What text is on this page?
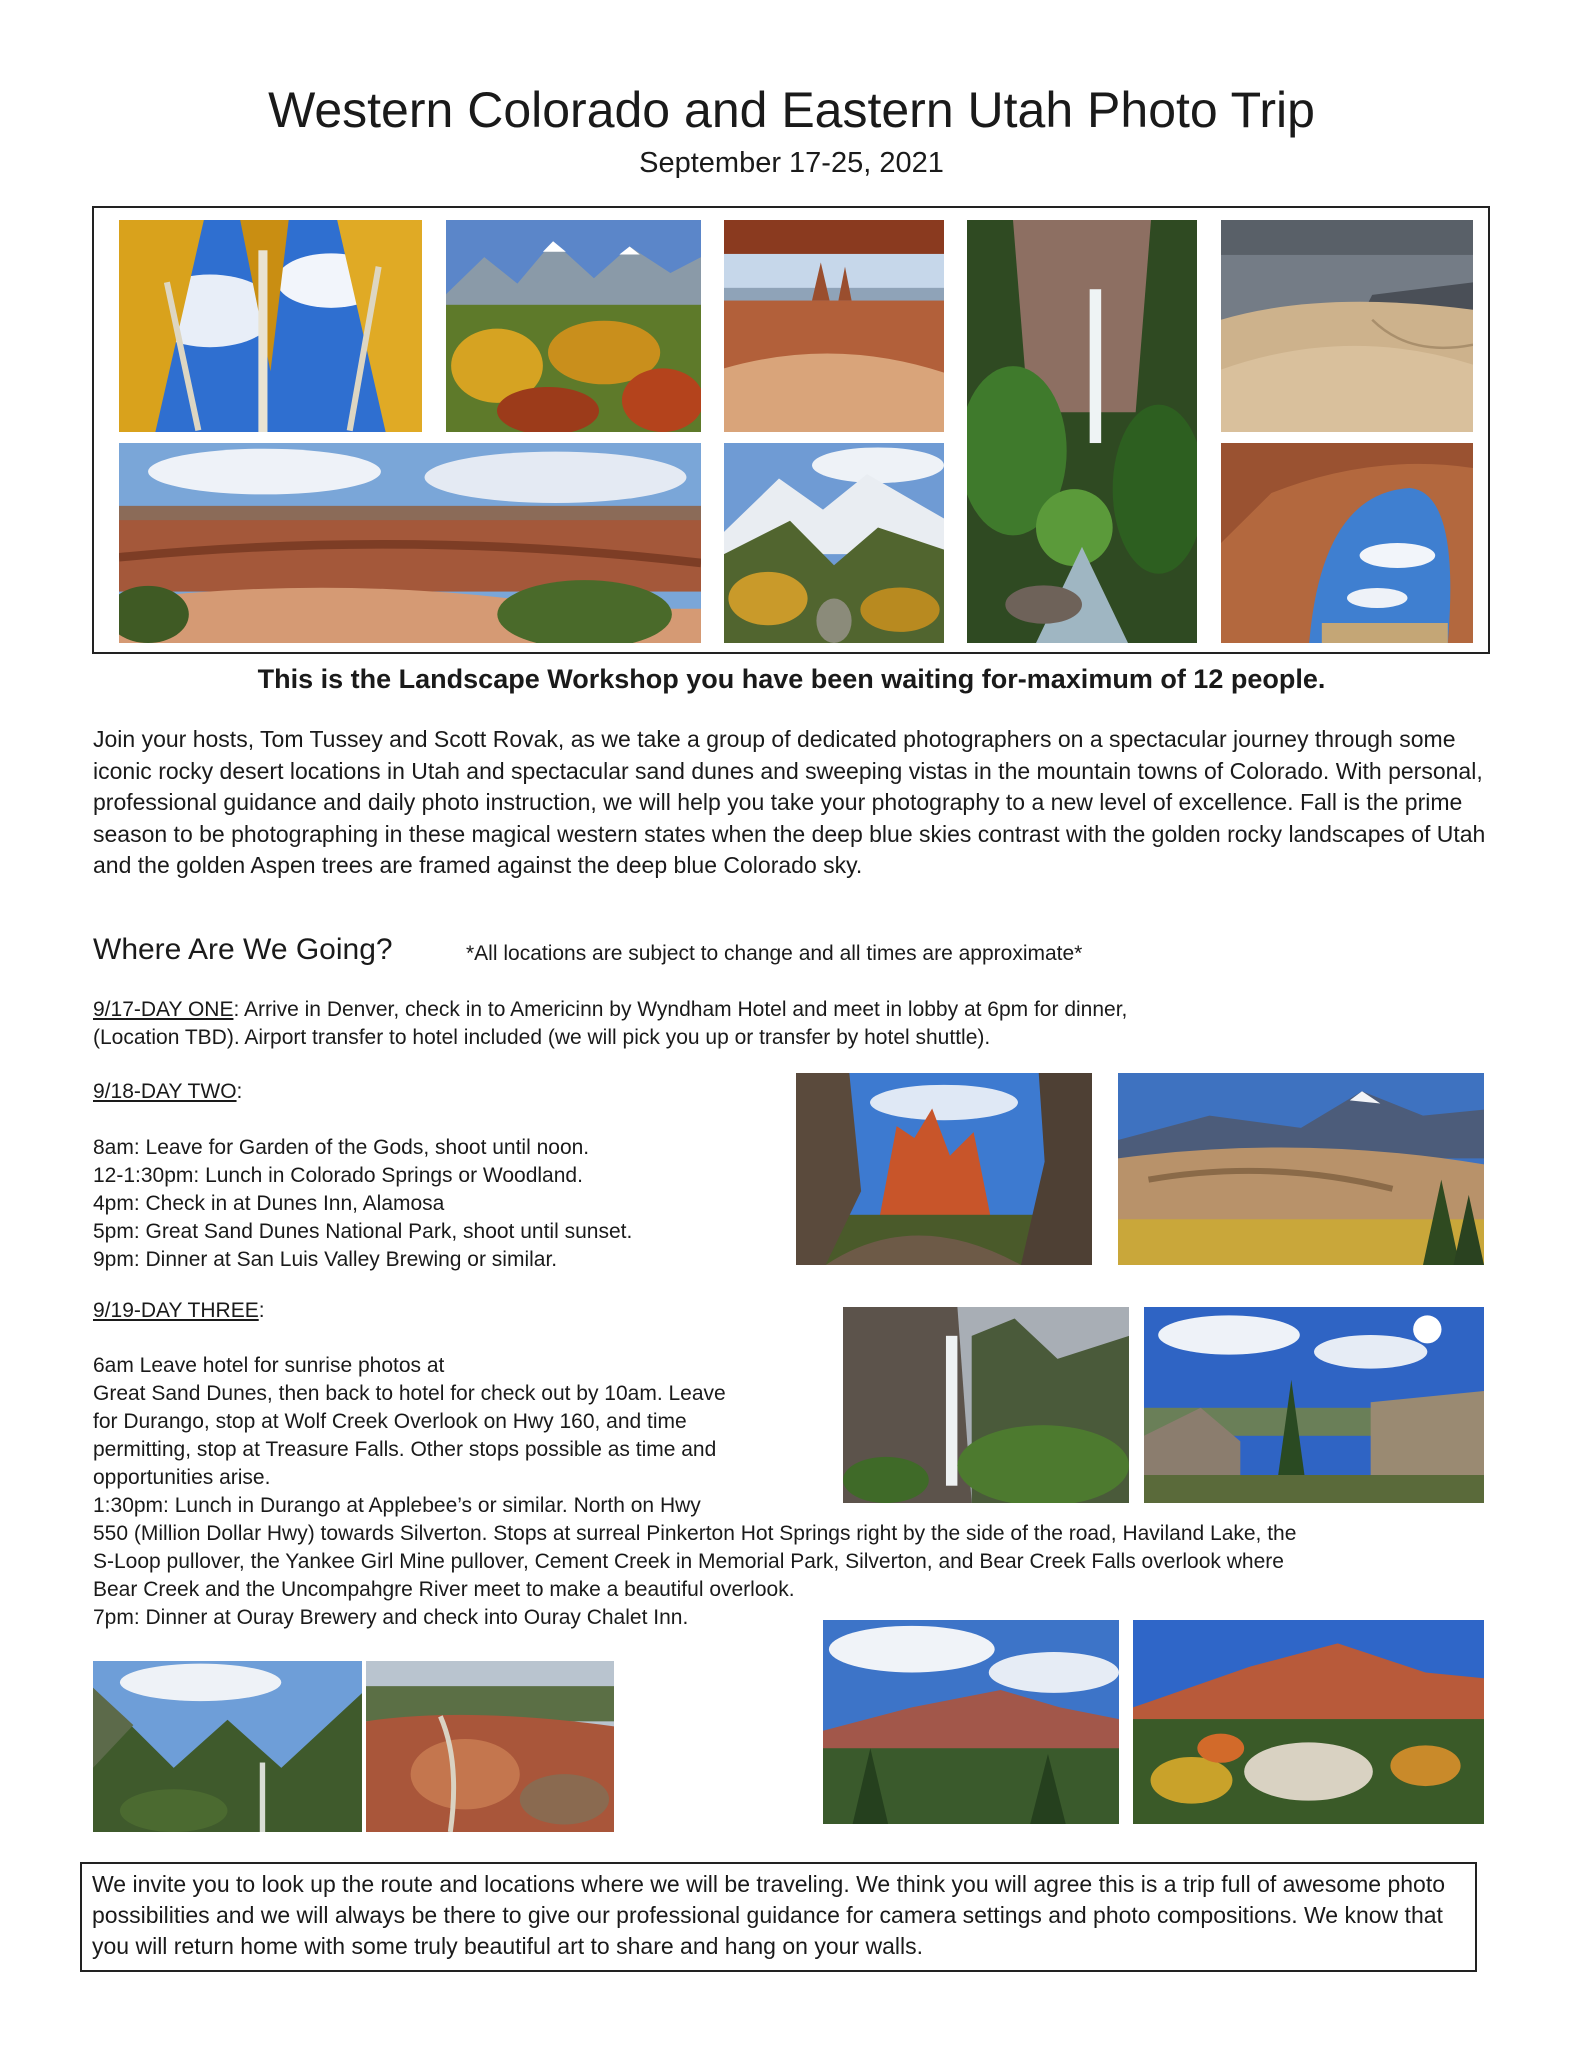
Western Colorado and Eastern Utah Photo Trip
September 17-25, 2021
This is the Landscape Workshop you have been waiting for-maximum of 12 people.
Join your hosts, Tom Tussey and Scott Rovak, as we take a group of dedicated photographers on a spectacular journey through some iconic rocky desert locations in Utah and spectacular sand dunes and sweeping vistas in the mountain towns of Colorado. With personal, professional guidance and daily photo instruction, we will help you take your photography to a new level of excellence. Fall is the prime season to be photographing in these magical western states when the deep blue skies contrast with the golden rocky landscapes of Utah and the golden Aspen trees are framed against the deep blue Colorado sky.
Where Are We Going?	*All locations are subject to change and all times are approximate*
9/17-DAY ONE: Arrive in Denver, check in to Americinn by Wyndham Hotel and meet in lobby at 6pm for dinner,
(Location TBD). Airport transfer to hotel included (we will pick you up or transfer by hotel shuttle).
9/18-DAY TWO:
8am: Leave for Garden of the Gods, shoot until noon.
12-1:30pm: Lunch in Colorado Springs or Woodland.
4pm: Check in at Dunes Inn, Alamosa
5pm: Great Sand Dunes National Park, shoot until sunset.
9pm: Dinner at San Luis Valley Brewing or similar.
9/19-DAY THREE:
6am Leave hotel for sunrise photos at
Great Sand Dunes, then back to hotel for check out by 10am. Leave
for Durango, stop at Wolf Creek Overlook on Hwy 160, and time
permitting, stop at Treasure Falls. Other stops possible as time and
opportunities arise.
1:30pm: Lunch in Durango at Applebee’s or similar. North on Hwy
550 (Million Dollar Hwy) towards Silverton. Stops at surreal Pinkerton Hot Springs right by the side of the road, Haviland Lake, the
S-Loop pullover, the Yankee Girl Mine pullover, Cement Creek in Memorial Park, Silverton, and Bear Creek Falls overlook where
Bear Creek and the Uncompahgre River meet to make a beautiful overlook.
7pm: Dinner at Ouray Brewery and check into Ouray Chalet Inn.
We invite you to look up the route and locations where we will be traveling. We think you will agree this is a trip full of awesome photo possibilities and we will always be there to give our professional guidance for camera settings and photo compositions. We know that you will return home with some truly beautiful art to share and hang on your walls.
